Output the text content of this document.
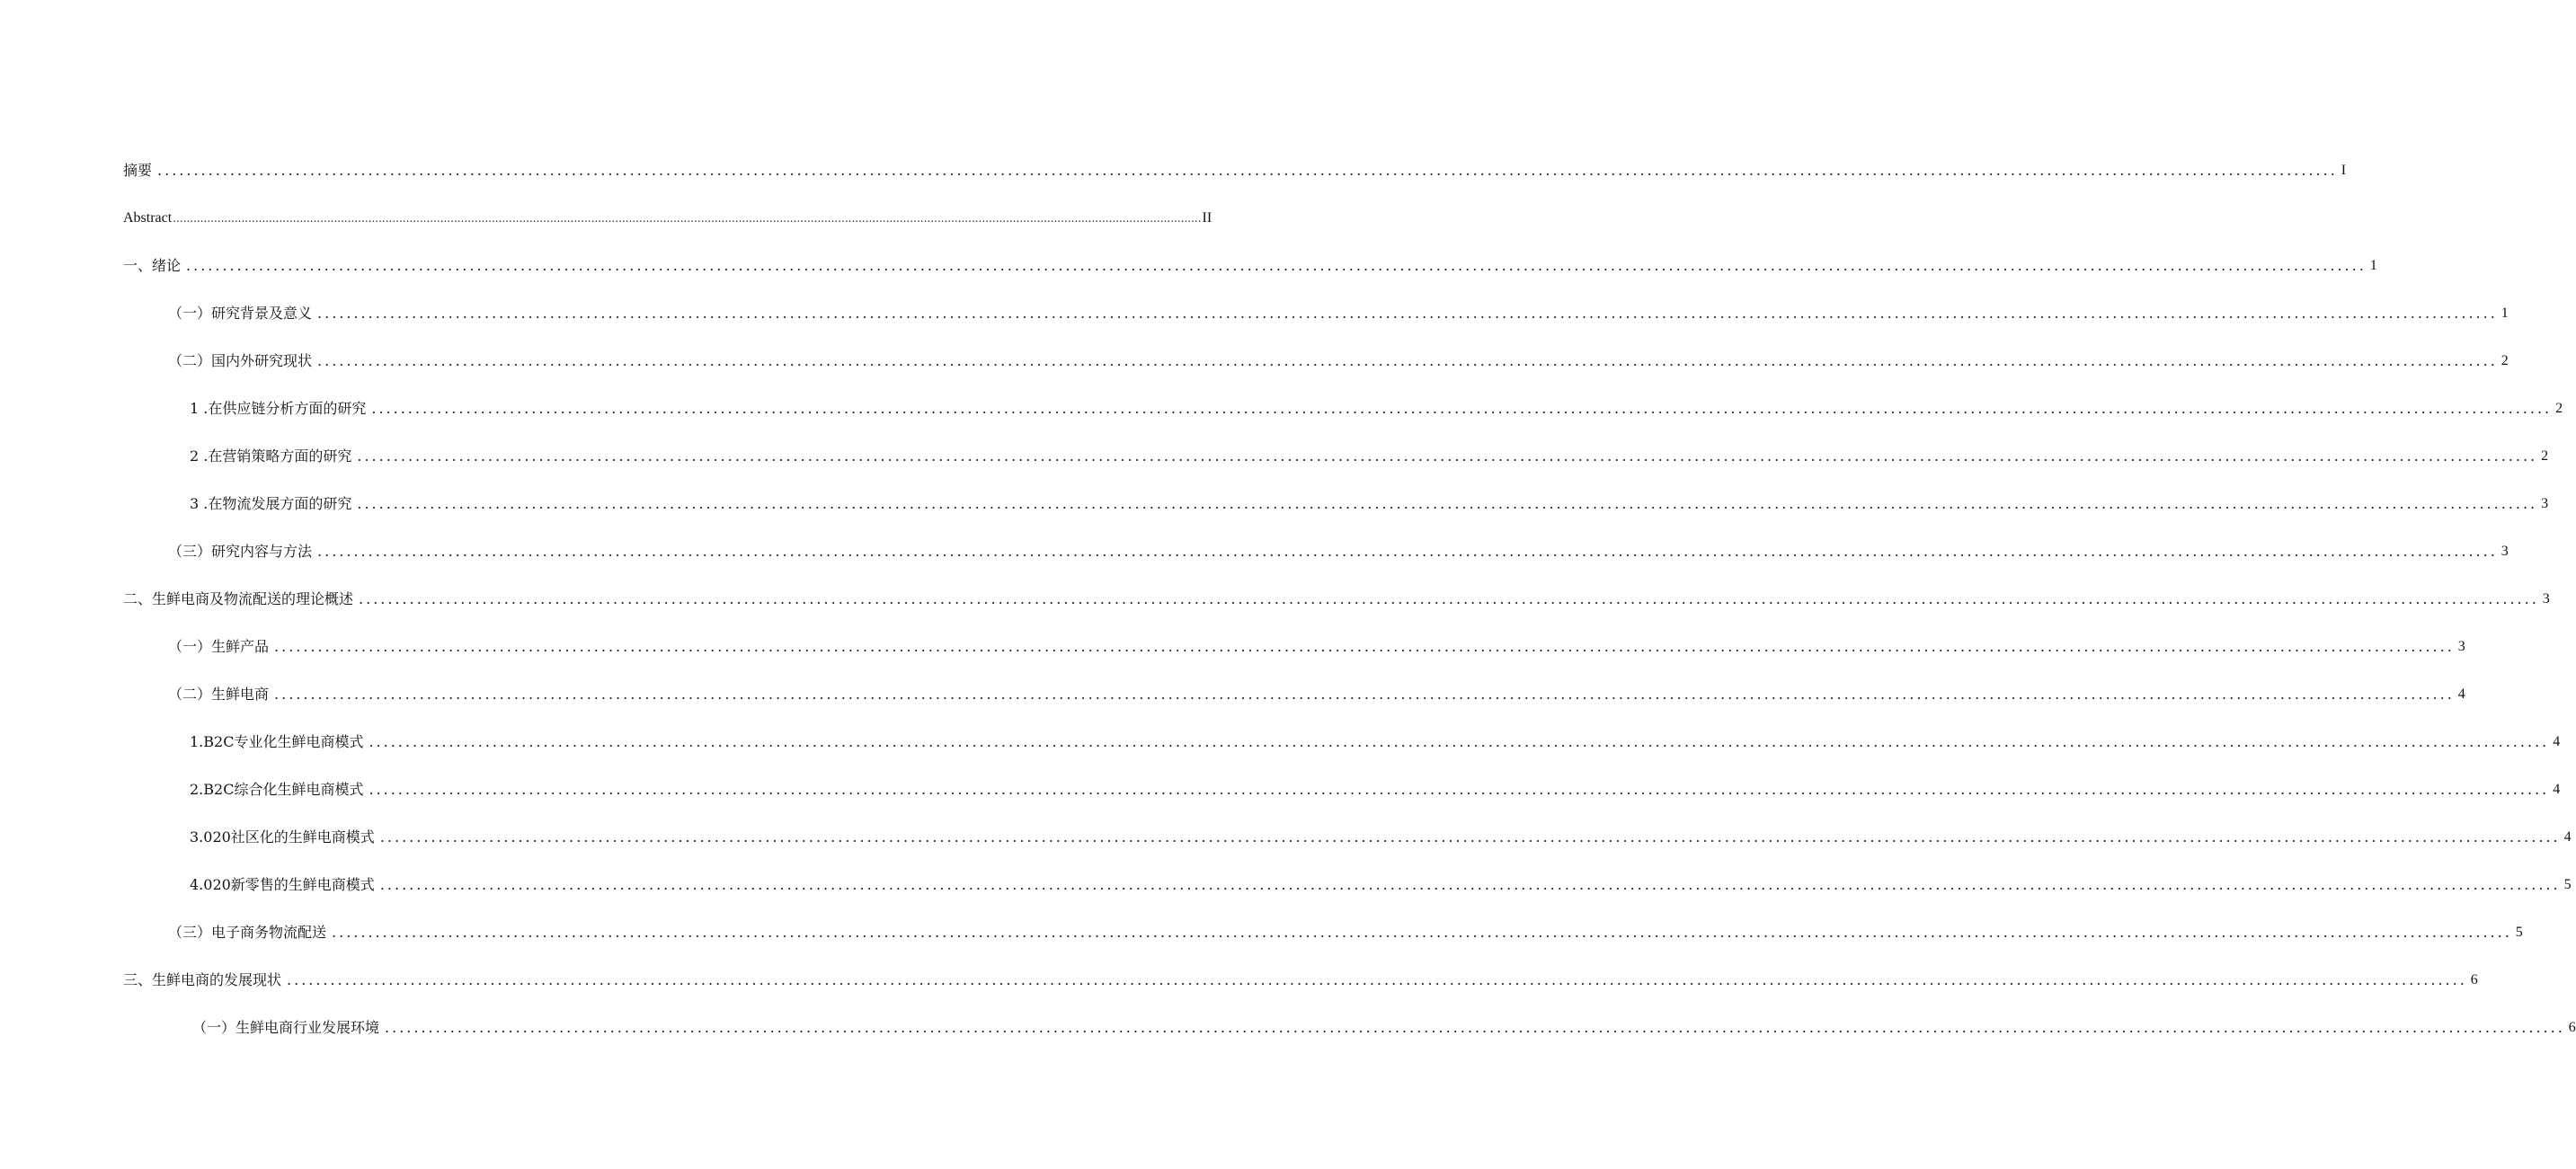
摘要 ............................................................................................................................................................................................................................................................................................................ I
Abstract ............................................................................................................................................................................................................................................................................................................ II
一、绪论 ............................................................................................................................................................................................................................................................................................................ 1
（一）研究背景及意义 ............................................................................................................................................................................................................................................................................................................ 1
（二）国内外研究现状 ............................................................................................................................................................................................................................................................................................................ 2
1 .在供应链分析方面的研究 ............................................................................................................................................................................................................................................................................................................ 2
2 .在营销策略方面的研究 ............................................................................................................................................................................................................................................................................................................ 2
3 .在物流发展方面的研究 ............................................................................................................................................................................................................................................................................................................ 3
（三）研究内容与方法 ............................................................................................................................................................................................................................................................................................................ 3
二、生鲜电商及物流配送的理论概述 ............................................................................................................................................................................................................................................................................................................ 3
（一）生鲜产品 ............................................................................................................................................................................................................................................................................................................ 3
（二）生鲜电商 ............................................................................................................................................................................................................................................................................................................ 4
1.B2C专业化生鲜电商模式 ............................................................................................................................................................................................................................................................................................................ 4
2.B2C综合化生鲜电商模式 ............................................................................................................................................................................................................................................................................................................ 4
3.020社区化的生鲜电商模式 ............................................................................................................................................................................................................................................................................................................ 4
4.020新零售的生鲜电商模式 ............................................................................................................................................................................................................................................................................................................ 5
（三）电子商务物流配送 ............................................................................................................................................................................................................................................................................................................ 5
三、生鲜电商的发展现状 ............................................................................................................................................................................................................................................................................................................ 6
（一）生鲜电商行业发展环境 ............................................................................................................................................................................................................................................................................................................ 6
